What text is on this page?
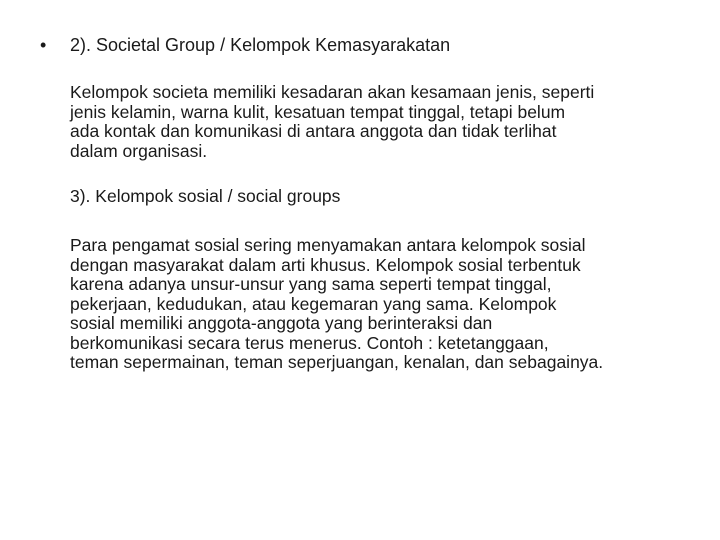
• 2). Societal Group / Kelompok Kemasyarakatan
Kelompok societa memiliki kesadaran akan kesamaan jenis, seperti
jenis kelamin, warna kulit, kesatuan tempat tinggal, tetapi belum
ada kontak dan komunikasi di antara anggota dan tidak terlihat
dalam organisasi.
3). Kelompok sosial / social groups
Para pengamat sosial sering menyamakan antara kelompok sosial
dengan masyarakat dalam arti khusus. Kelompok sosial terbentuk
karena adanya unsur-unsur yang sama seperti tempat tinggal,
pekerjaan, kedudukan, atau kegemaran yang sama. Kelompok
sosial memiliki anggota-anggota yang berinteraksi dan
berkomunikasi secara terus menerus. Contoh : ketetanggaan,
teman sepermainan, teman seperjuangan, kenalan, dan sebagainya.
